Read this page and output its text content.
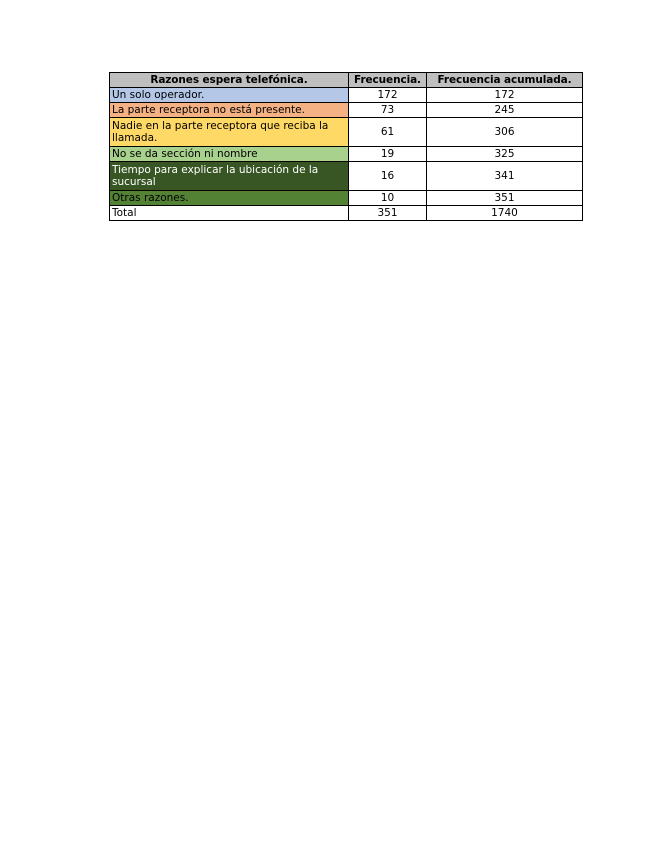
Razones espera telefónica.	Frecuencia.	Frecuencia acumulada.
Un solo operador.	172	172
La parte receptora no está presente.	73	245
Nadie en la parte receptora que reciba la llamada.	61	306
No se da sección ni nombre	19	325
Tiempo para explicar la ubicación de la sucursal	16	341
Otras razones.	10	351
Total	351	1740
